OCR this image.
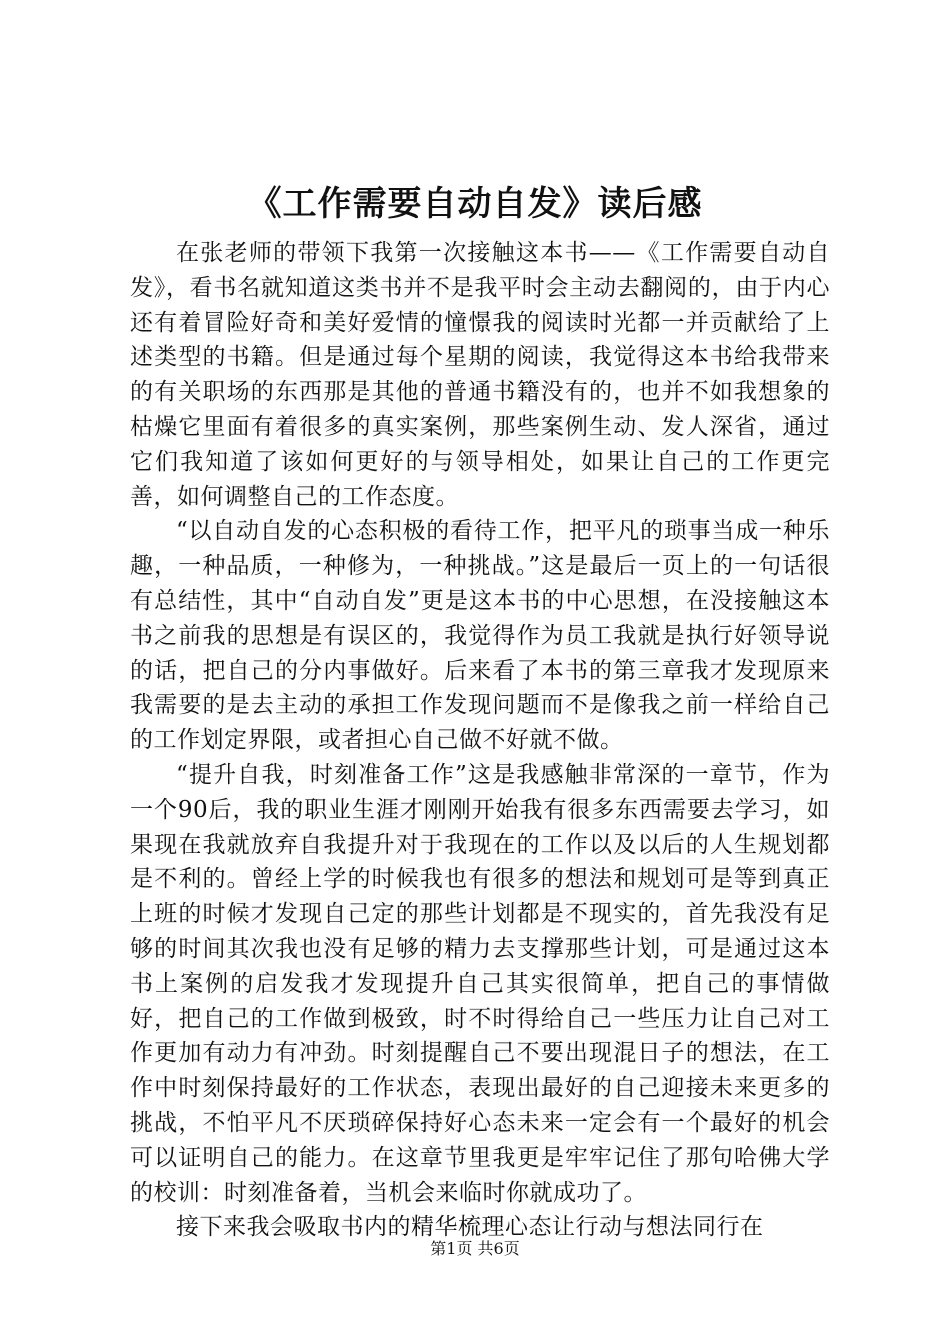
《工作需要自动自发》读后感

在张老师的带领下我第一次接触这本书——《工作需要自动自发》，看书名就知道这类书并不是我平时会主动去翻阅的，由于内心还有着冒险好奇和美好爱情的憧憬我的阅读时光都一并贡献给了上述类型的书籍。但是通过每个星期的阅读，我觉得这本书给我带来的有关职场的东西那是其他的普通书籍没有的，也并不如我想象的枯燥它里面有着很多的真实案例，那些案例生动、发人深省，通过它们我知道了该如何更好的与领导相处，如果让自己的工作更完善，如何调整自己的工作态度。

“以自动自发的心态积极的看待工作，把平凡的琐事当成一种乐趣，一种品质，一种修为，一种挑战。”这是最后一页上的一句话很有总结性，其中“自动自发”更是这本书的中心思想，在没接触这本书之前我的思想是有误区的，我觉得作为员工我就是执行好领导说的话，把自己的分内事做好。后来看了本书的第三章我才发现原来我需要的是去主动的承担工作发现问题而不是像我之前一样给自己的工作划定界限，或者担心自己做不好就不做。

“提升自我，时刻准备工作”这是我感触非常深的一章节，作为一个90后，我的职业生涯才刚刚开始我有很多东西需要去学习，如果现在我就放弃自我提升对于我现在的工作以及以后的人生规划都是不利的。曾经上学的时候我也有很多的想法和规划可是等到真正上班的时候才发现自己定的那些计划都是不现实的，首先我没有足够的时间其次我也没有足够的精力去支撑那些计划，可是通过这本书上案例的启发我才发现提升自己其实很简单，把自己的事情做好，把自己的工作做到极致，时不时得给自己一些压力让自己对工作更加有动力有冲劲。时刻提醒自己不要出现混日子的想法，在工作中时刻保持最好的工作状态，表现出最好的自己迎接未来更多的挑战，不怕平凡不厌琐碎保持好心态未来一定会有一个最好的机会可以证明自己的能力。在这章节里我更是牢牢记住了那句哈佛大学的校训：时刻准备着，当机会来临时你就成功了。

接下来我会吸取书内的精华梳理心态让行动与想法同行在

第1页 共6页
